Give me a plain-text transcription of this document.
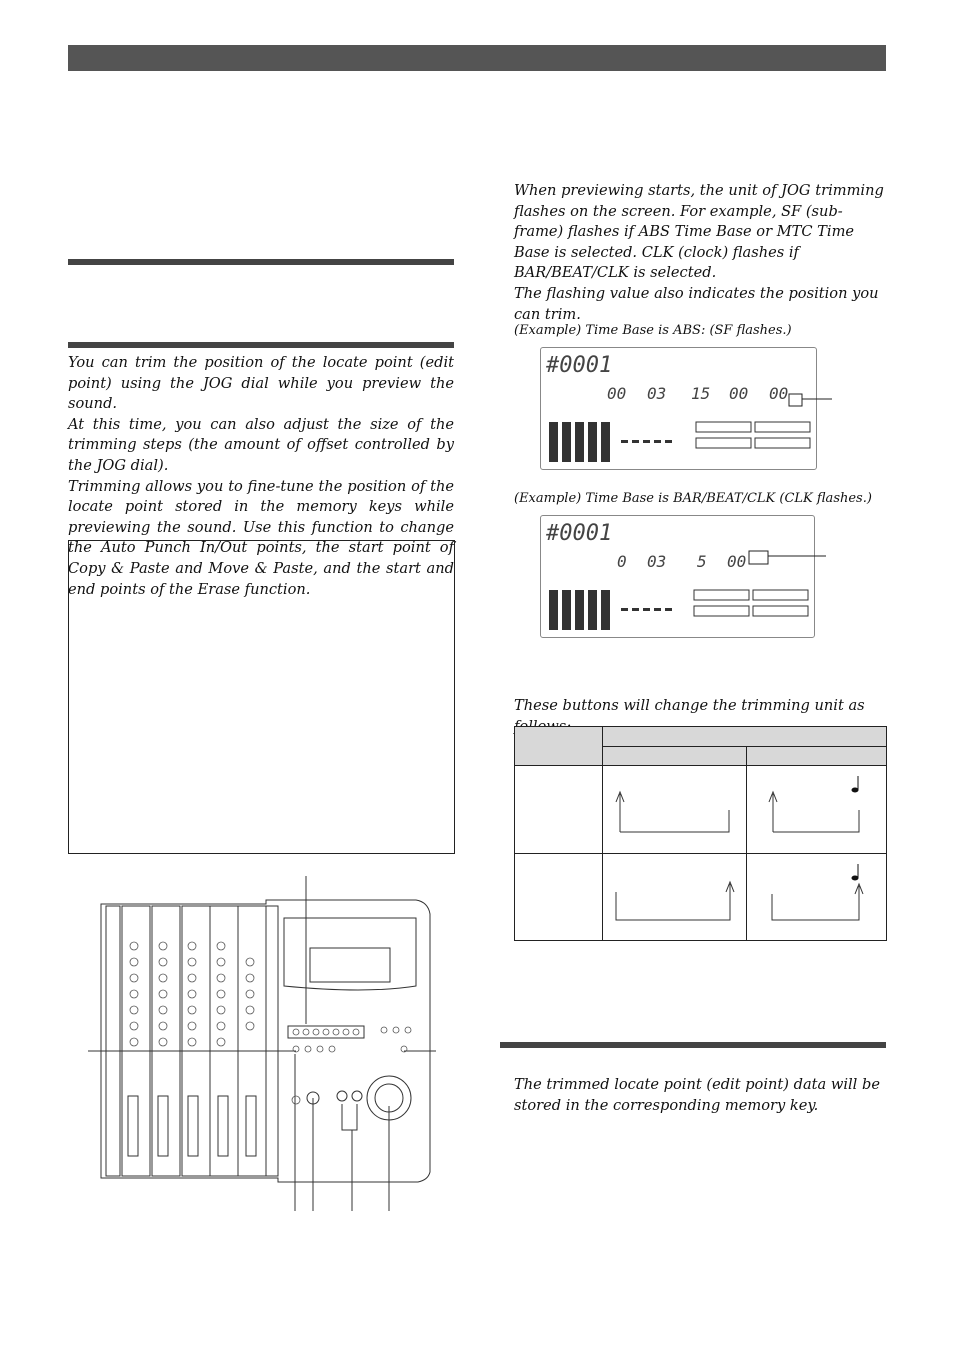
You can trim the position of the locate point (edit point) using the JOG dial while you preview the sound.

At this time, you can also adjust the size of the trimming steps (the amount of offset controlled by the JOG dial).

Trimming allows you to fine-tune the position of the locate point stored in the memory keys while previewing the sound. Use this function to change the Auto Punch In/Out points, the start point of Copy & Paste and Move & Paste, and the start and end points of the Erase function.

When previewing starts, the unit of JOG trimming flashes on the screen. For example, SF (sub-frame) flashes if ABS Time Base or MTC Time Base is selected. CLK (clock) flashes if BAR/BEAT/CLK is selected.

The flashing value also indicates the position you can trim.

(Example) Time Base is ABS: (SF flashes.)
#0001
00 03 15 00 00
(Example) Time Base is BAR/BEAT/CLK (CLK flashes.)
#0001
0 03 5 00
These buttons will change the trimming unit as

The trimmed locate point (edit point) data will be stored in the corresponding memory key.
